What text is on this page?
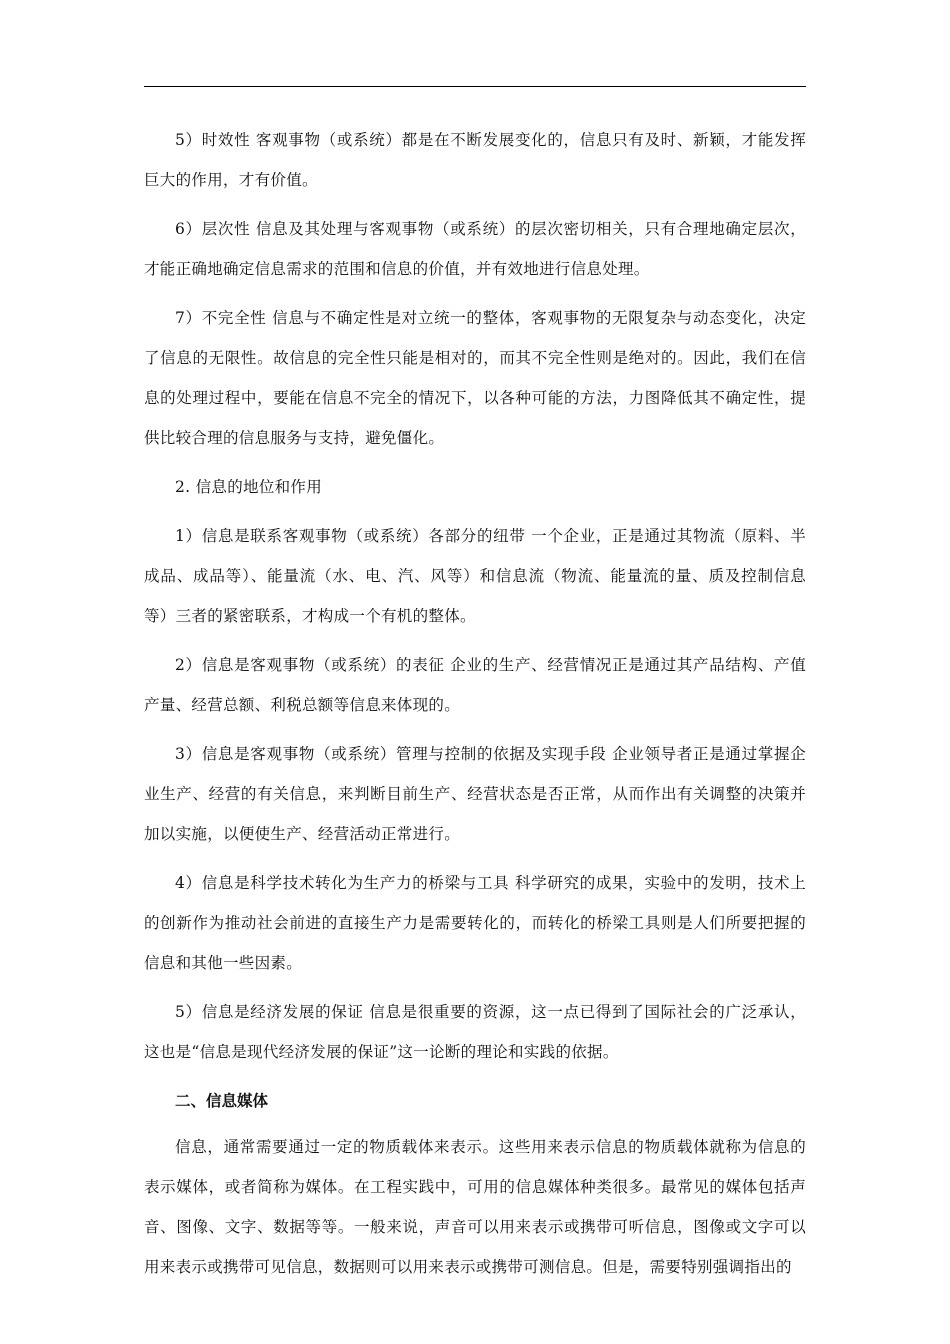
5）时效性 客观事物（或系统）都是在不断发展变化的，信息只有及时、新颖，才能发挥巨大的作用，才有价值。

6）层次性 信息及其处理与客观事物（或系统）的层次密切相关，只有合理地确定层次，才能正确地确定信息需求的范围和信息的价值，并有效地进行信息处理。

7）不完全性 信息与不确定性是对立统一的整体，客观事物的无限复杂与动态变化，决定了信息的无限性。故信息的完全性只能是相对的，而其不完全性则是绝对的。因此，我们在信息的处理过程中，要能在信息不完全的情况下，以各种可能的方法，力图降低其不确定性，提供比较合理的信息服务与支持，避免僵化。

2. 信息的地位和作用

1）信息是联系客观事物（或系统）各部分的纽带 一个企业，正是通过其物流（原料、半成品、成品等）、能量流（水、电、汽、风等）和信息流（物流、能量流的量、质及控制信息等）三者的紧密联系，才构成一个有机的整体。

2）信息是客观事物（或系统）的表征 企业的生产、经营情况正是通过其产品结构、产值产量、经营总额、利税总额等信息来体现的。

3）信息是客观事物（或系统）管理与控制的依据及实现手段 企业领导者正是通过掌握企业生产、经营的有关信息，来判断目前生产、经营状态是否正常，从而作出有关调整的决策并加以实施，以便使生产、经营活动正常进行。

4）信息是科学技术转化为生产力的桥梁与工具 科学研究的成果，实验中的发明，技术上的创新作为推动社会前进的直接生产力是需要转化的，而转化的桥梁工具则是人们所要把握的信息和其他一些因素。

5）信息是经济发展的保证 信息是很重要的资源，这一点已得到了国际社会的广泛承认，这也是“信息是现代经济发展的保证”这一论断的理论和实践的依据。

二、信息媒体

信息，通常需要通过一定的物质载体来表示。这些用来表示信息的物质载体就称为信息的表示媒体，或者简称为媒体。在工程实践中，可用的信息媒体种类很多。最常见的媒体包括声音、图像、文字、数据等等。一般来说，声音可以用来表示或携带可听信息，图像或文字可以用来表示或携带可见信息，数据则可以用来表示或携带可测信息。但是，需要特别强调指出的
